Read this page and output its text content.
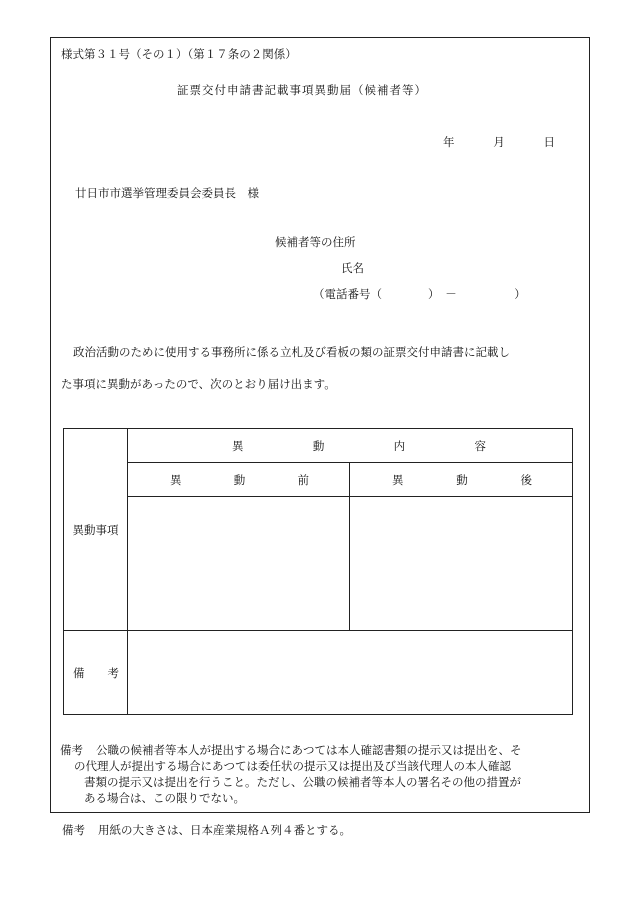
様式第３１号（その１）（第１７条の２関係）
証票交付申請書記載事項異動届（候補者等）
年	月	日
廿日市市選挙管理委員会委員長　様
候補者等の住所
氏名
（電話番号（　　　　）　－　　　　　）
政治活動のために使用する事務所に係る立札及び看板の類の証票交付申請書に記載し
た事項に異動があったので、次のとおり届け出ます。
異動事項	異 動 内 容	

	異 動 前	異 動 後

備 考		

備考 公職の候補者等本人が提出する場合にあつては本人確認書類の提示又は提出を、そ
の代理人が提出する場合にあつては委任状の提示又は提出及び当該代理人の本人確認
書類の提示又は提出を行うこと。ただし、公職の候補者等本人の署名その他の措置が
ある場合は、この限りでない。
備考 用紙の大きさは、日本産業規格Ａ列４番とする。
